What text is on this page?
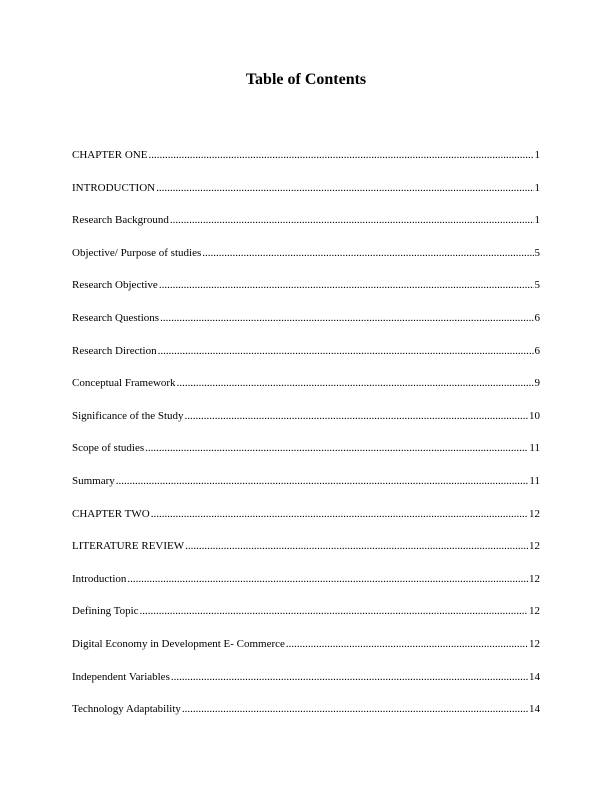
Table of Contents
CHAPTER ONE .....	1
INTRODUCTION .....	1
Research Background .....	1
Objective/ Purpose of studies .....	5
Research Objective .....	5
Research Questions .....	6
Research Direction .....	6
Conceptual Framework .....	9
Significance of the Study .....	10
Scope of studies .....	11
Summary .....	11
CHAPTER TWO .....	12
LITERATURE REVIEW .....	12
Introduction .....	12
Defining Topic .....	12
Digital Economy in Development E- Commerce .....	12
Independent Variables .....	14
Technology Adaptability .....	14
